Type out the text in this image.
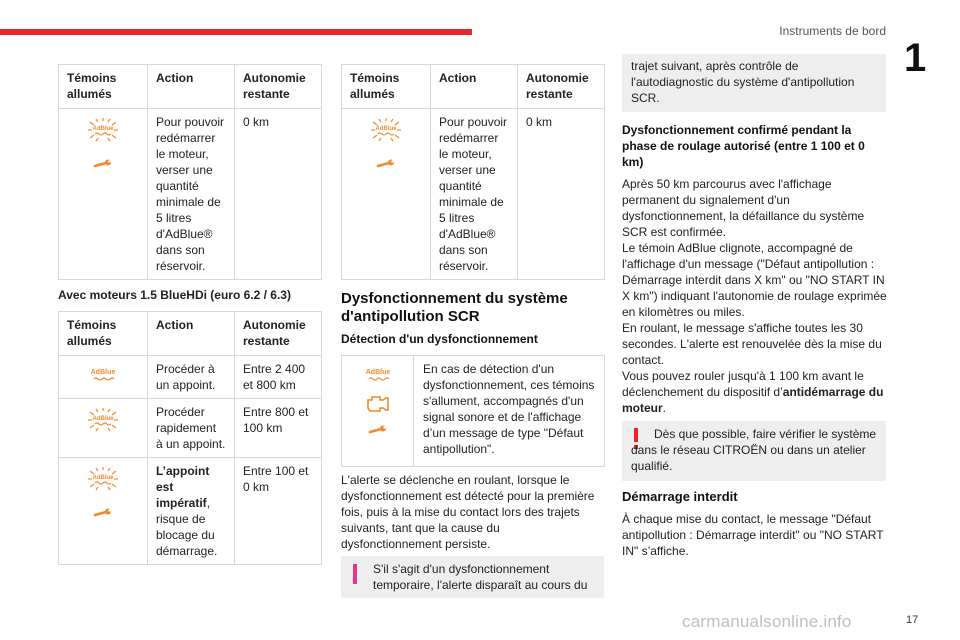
Instruments de bord
1
Témoins allumés	Action	Autonomie restante

AdBlue	Pour pouvoir redémarrer le moteur, verser une quantité minimale de 5 litres d'AdBlue® dans son réservoir.	0 km
Avec moteurs 1.5 BlueHDi (euro 6.2 / 6.3)
Témoins allumés	Action	Autonomie restante

AdBlue	Procéder à un appoint.	Entre 2 400 et 800 km

AdBlue	Procéder rapidement à un appoint.	Entre 800 et 100 km

AdBlue	L’appoint est impératif, risque de blocage du démarrage.	Entre 100 et 0 km
Témoins allumés	Action	Autonomie restante

AdBlue	Pour pouvoir redémarrer le moteur, verser une quantité minimale de 5 litres d'AdBlue® dans son réservoir.	0 km
Dysfonctionnement du système d'antipollution SCR
Détection d'un dysfonctionnement
AdBlue	En cas de détection d'un dysfonctionnement, ces témoins s'allument, accompagnés d'un signal sonore et de l'affichage d’un message de type "Défaut antipollution".
L'alerte se déclenche en roulant, lorsque le dysfonctionnement est détecté pour la première fois, puis à la mise du contact lors des trajets suivants, tant que la cause du dysfonctionnement persiste.
S'il s'agit d'un dysfonctionnement temporaire, l'alerte disparaît au cours du
trajet suivant, après contrôle de l'autodiagnostic du système d'antipollution SCR.
Dysfonctionnement confirmé pendant la phase de roulage autorisé (entre 1 100 et 0 km)
Après 50 km parcourus avec l'affichage permanent du signalement d'un dysfonctionnement, la défaillance du système SCR est confirmée.
Le témoin AdBlue clignote, accompagné de l'affichage d'un message ("Défaut antipollution : Démarrage interdit dans X km" ou "NO START IN X km") indiquant l'autonomie de roulage exprimée en kilomètres ou miles.
En roulant, le message s'affiche toutes les 30 secondes. L'alerte est renouvelée dès la mise du contact.
Vous pouvez rouler jusqu'à 1 100 km avant le déclenchement du dispositif d’antidémarrage du moteur.
Dès que possible, faire vérifier le système dans le réseau CITROËN ou dans un atelier qualifié.
Démarrage interdit
À chaque mise du contact, le message "Défaut antipollution : Démarrage interdit" ou "NO START IN" s’affiche.
carmanualsonline.info	17
